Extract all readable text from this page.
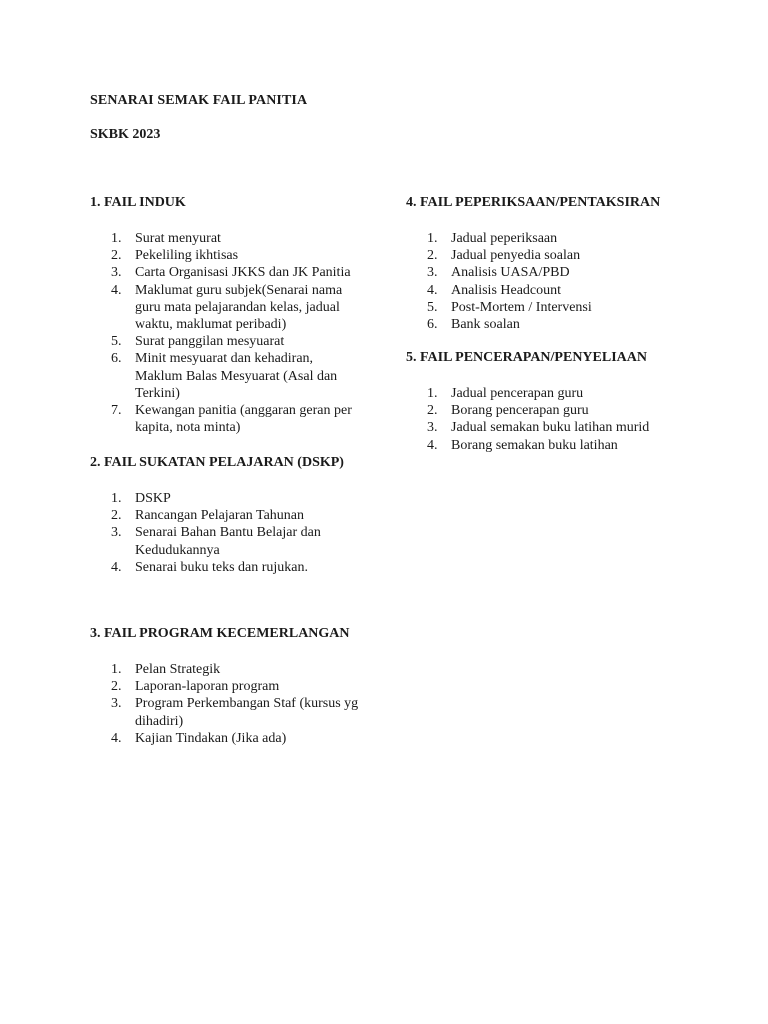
SENARAI SEMAK FAIL PANITIA
SKBK 2023
1. FAIL INDUK
1. Surat menyurat
2. Pekeliling ikhtisas
3. Carta Organisasi JKKS dan JK Panitia
4. Maklumat guru subjek(Senarai nama guru mata pelajarandan kelas, jadual waktu, maklumat peribadi)
5. Surat panggilan mesyuarat
6. Minit mesyuarat dan kehadiran, Maklum Balas Mesyuarat (Asal dan Terkini)
7. Kewangan panitia (anggaran geran per kapita, nota minta)
2. FAIL SUKATAN PELAJARAN (DSKP)
1. DSKP
2. Rancangan Pelajaran Tahunan
3. Senarai Bahan Bantu Belajar dan Kedudukannya
4. Senarai buku teks dan rujukan.
3. FAIL PROGRAM KECEMERLANGAN
1. Pelan Strategik
2. Laporan-laporan program
3. Program Perkembangan Staf (kursus yg dihadiri)
4. Kajian Tindakan (Jika ada)
4. FAIL PEPERIKSAAN/PENTAKSIRAN
1. Jadual peperiksaan
2. Jadual penyedia soalan
3. Analisis UASA/PBD
4. Analisis Headcount
5. Post-Mortem / Intervensi
6. Bank soalan
5. FAIL PENCERAPAN/PENYELIAAN
1. Jadual pencerapan guru
2. Borang pencerapan guru
3. Jadual semakan buku latihan murid
4. Borang semakan buku latihan
